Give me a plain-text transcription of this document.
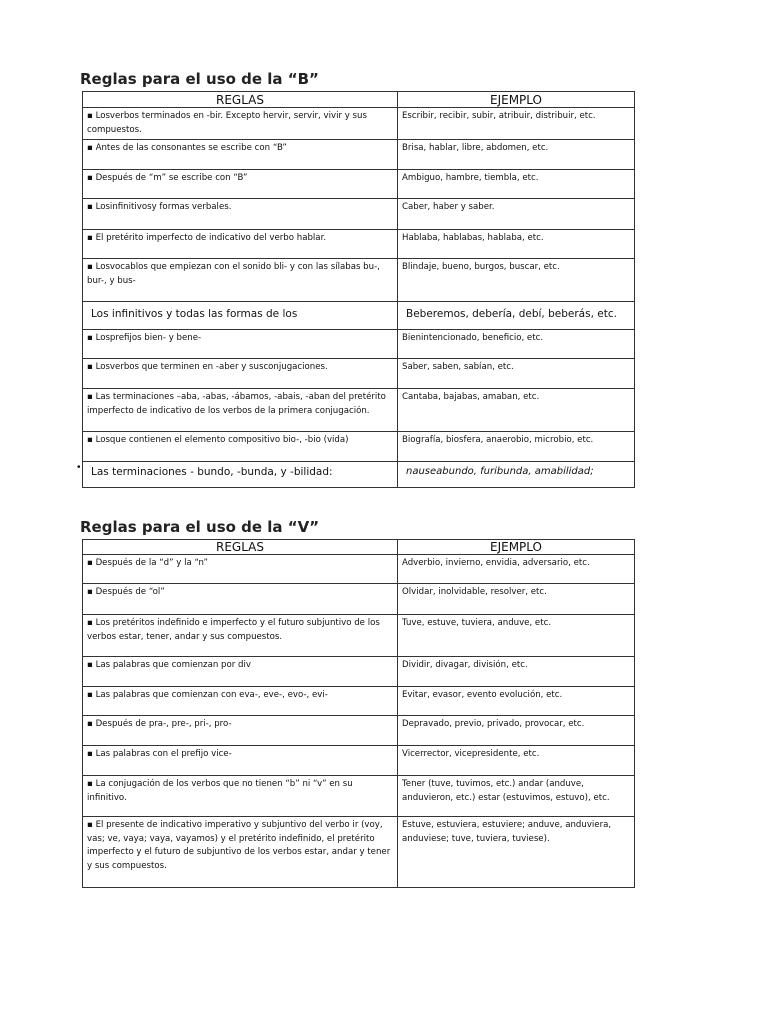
Reglas para el uso de la “B”
REGLAS	EJEMPLO
▪ Losverbos terminados en -bir. Excepto hervir, servir, vivir y sus compuestos.	Escribir, recibir, subir, atribuir, distribuir, etc.
▪ Antes de las consonantes se escribe con “B”	Brisa, hablar, libre, abdomen, etc.
▪ Después de “m” se escribe con “B”	Ambiguo, hambre, tiembla, etc.
▪ Losinfinitivosy formas verbales.	Caber, haber y saber.
▪ El pretérito imperfecto de indicativo del verbo hablar.	Hablaba, hablabas, hablaba, etc.
▪ Losvocablos que empiezan con el sonido bli- y con las sílabas bu-, bur-, y bus-	Blindaje, bueno, burgos, buscar, etc.
Los infinitivos y todas las formas de los	Beberemos, debería, debí, beberás, etc.
▪ Losprefijos bien- y bene-	Bienintencionado, beneficio, etc.
▪ Losverbos que terminen en -aber y susconjugaciones.	Saber, saben, sabían, etc.
▪ Las terminaciones –aba, -abas, -ábamos, -abais, -aban del pretérito imperfecto de indicativo de los verbos de la primera conjugación.	Cantaba, bajabas, amaban, etc.
▪ Losque contienen el elemento compositivo bio-, -bio (vida)	Biografía, biosfera, anaerobio, microbio, etc.
Las terminaciones - bundo, -bunda, y -bilidad:	nauseabundo, furibunda, amabilidad;
•
Reglas para el uso de la “V”
REGLAS	EJEMPLO
▪ Después de la “d” y la “n”	Adverbio, invierno, envidia, adversario, etc.
▪ Después de “ol”	Olvidar, inolvidable, resolver, etc.
▪ Los pretéritos indefinido e imperfecto y el futuro subjuntivo de los verbos estar, tener, andar y sus compuestos.	Tuve, estuve, tuviera, anduve, etc.
▪ Las palabras que comienzan por div	Dividir, divagar, división, etc.
▪ Las palabras que comienzan con eva-, eve-, evo-, evi-	Evitar, evasor, evento evolución, etc.
▪ Después de pra-, pre-, pri-, pro-	Depravado, previo, privado, provocar, etc.
▪ Las palabras con el prefijo vice-	Vicerrector, vicepresidente, etc.
▪ La conjugación de los verbos que no tienen “b” ni “v” en su infinitivo.	Tener (tuve, tuvimos, etc.) andar (anduve, anduvieron, etc.) estar (estuvimos, estuvo), etc.
▪ El presente de indicativo imperativo y subjuntivo del verbo ir (voy, vas; ve, vaya; vaya, vayamos) y el pretérito indefinido, el pretérito imperfecto y el futuro de subjuntivo de los verbos estar, andar y tener y sus compuestos.	Estuve, estuviera, estuviere; anduve, anduviera, anduviese; tuve, tuviera, tuviese).
